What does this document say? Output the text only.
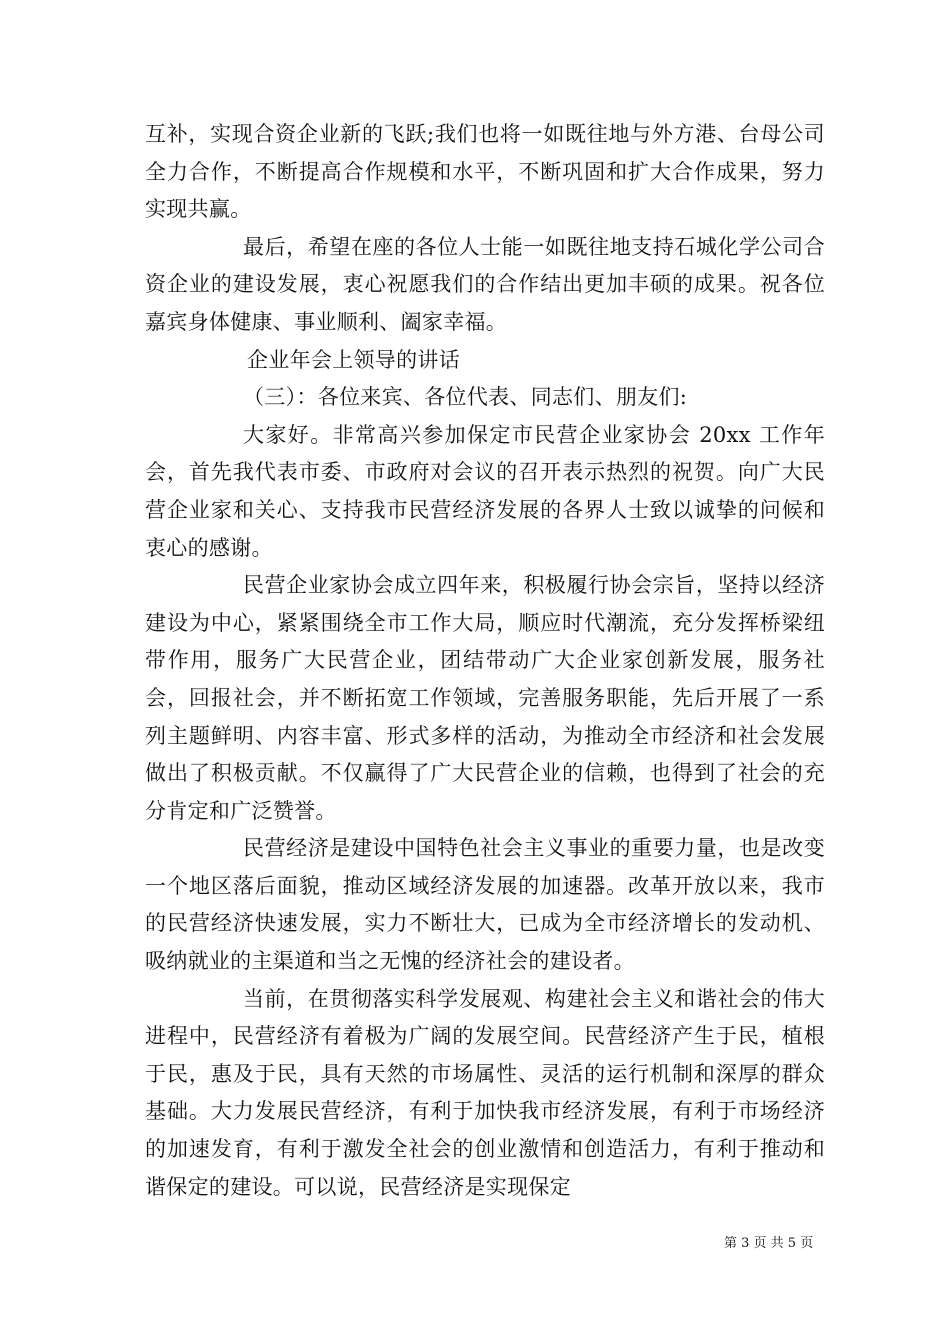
互补，实现合资企业新的飞跃;我们也将一如既往地与外方港、台母公司全力合作，不断提高合作规模和水平，不断巩固和扩大合作成果，努力实现共赢。

最后，希望在座的各位人士能一如既往地支持石城化学公司合资企业的建设发展，衷心祝愿我们的合作结出更加丰硕的成果。祝各位嘉宾身体健康、事业顺利、阖家幸福。

企业年会上领导的讲话

（三）：各位来宾、各位代表、同志们、朋友们:

大家好。非常高兴参加保定市民营企业家协会 20xx 工作年会，首先我代表市委、市政府对会议的召开表示热烈的祝贺。向广大民营企业家和关心、支持我市民营经济发展的各界人士致以诚挚的问候和衷心的感谢。

民营企业家协会成立四年来，积极履行协会宗旨，坚持以经济建设为中心，紧紧围绕全市工作大局，顺应时代潮流，充分发挥桥梁纽带作用，服务广大民营企业，团结带动广大企业家创新发展，服务社会，回报社会，并不断拓宽工作领域，完善服务职能，先后开展了一系列主题鲜明、内容丰富、形式多样的活动，为推动全市经济和社会发展做出了积极贡献。不仅赢得了广大民营企业的信赖，也得到了社会的充分肯定和广泛赞誉。

民营经济是建设中国特色社会主义事业的重要力量，也是改变一个地区落后面貌，推动区域经济发展的加速器。改革开放以来，我市的民营经济快速发展，实力不断壮大，已成为全市经济增长的发动机、吸纳就业的主渠道和当之无愧的经济社会的建设者。

当前，在贯彻落实科学发展观、构建社会主义和谐社会的伟大进程中，民营经济有着极为广阔的发展空间。民营经济产生于民，植根于民，惠及于民，具有天然的市场属性、灵活的运行机制和深厚的群众基础。大力发展民营经济，有利于加快我市经济发展，有利于市场经济的加速发育，有利于激发全社会的创业激情和创造活力，有利于推动和谐保定的建设。可以说，民营经济是实现保定

第 3 页 共 5 页
